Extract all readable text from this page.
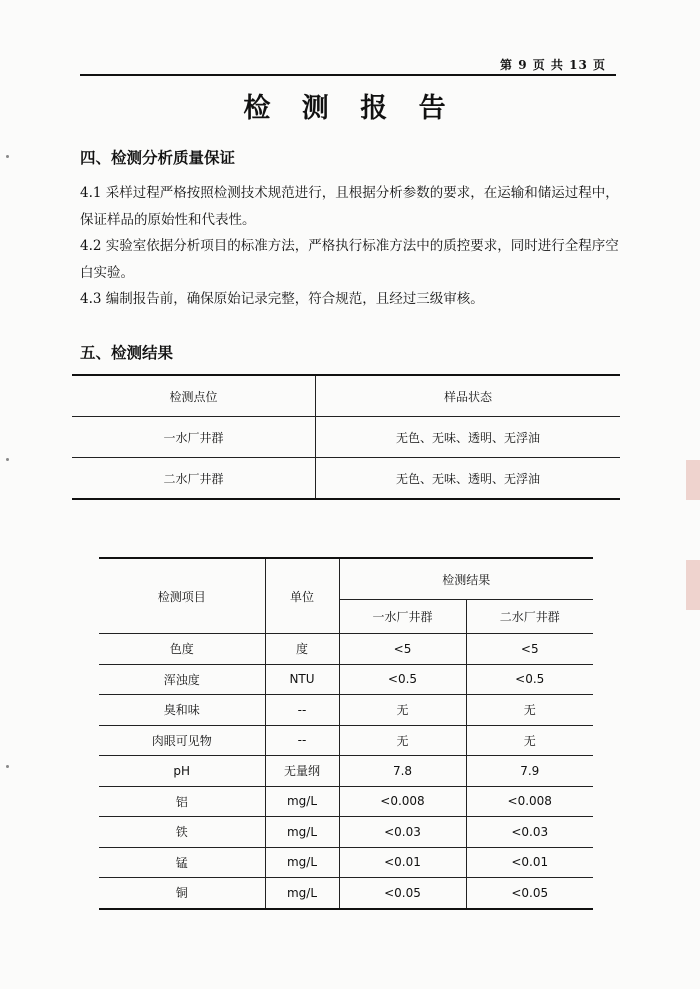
第 9 页 共 13 页
检 测 报 告
四、检测分析质量保证
4.1 采样过程严格按照检测技术规范进行，且根据分析参数的要求，在运输和储运过程中，保证样品的原始性和代表性。
4.2 实验室依据分析项目的标准方法，严格执行标准方法中的质控要求，同时进行全程序空白实验。
4.3 编制报告前，确保原始记录完整，符合规范，且经过三级审核。
五、检测结果
检测点位	样品状态
一水厂井群	无色、无味、透明、无浮油
二水厂井群	无色、无味、透明、无浮油
检测项目	单位	检测结果	
		一水厂井群	二水厂井群
色度	度	<5	<5
浑浊度	NTU	<0.5	<0.5
臭和味	--	无	无
肉眼可见物	--	无	无
pH	无量纲	7.8	7.9
铝	mg/L	<0.008	<0.008
铁	mg/L	<0.03	<0.03
锰	mg/L	<0.01	<0.01
铜	mg/L	<0.05	<0.05
